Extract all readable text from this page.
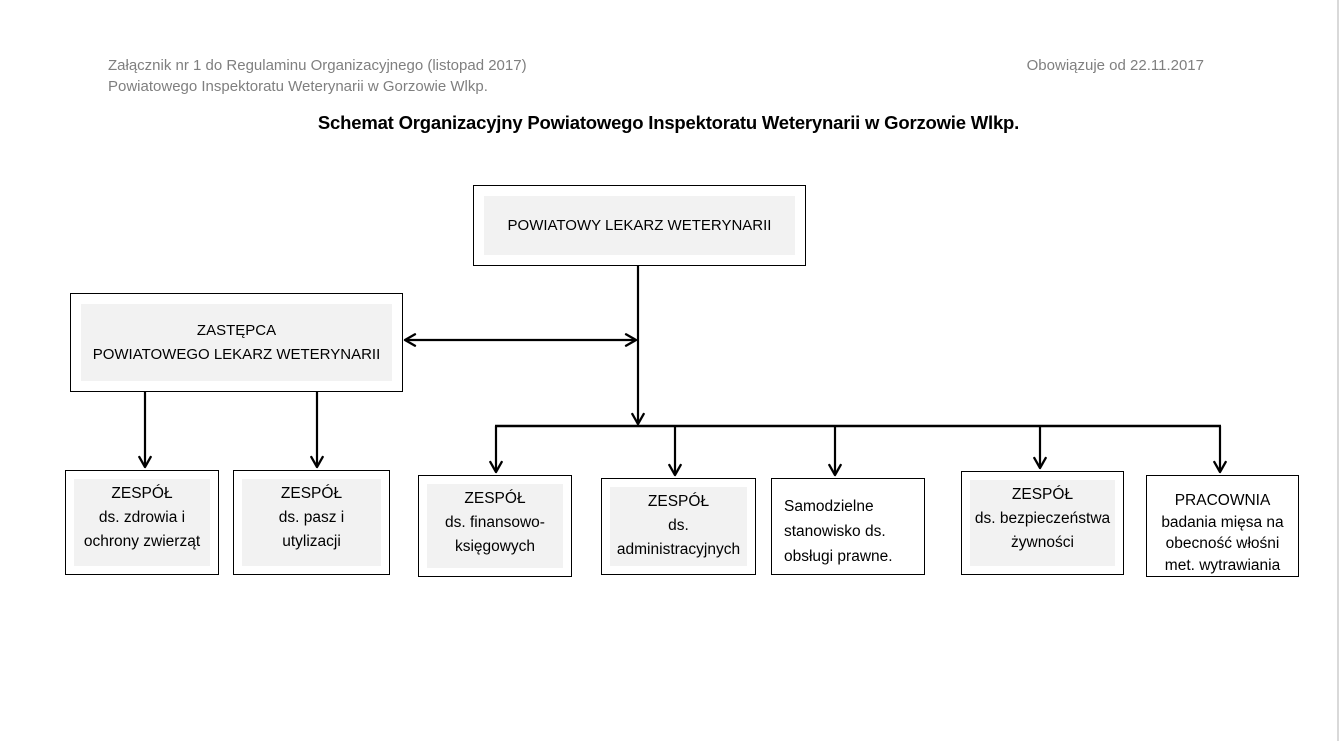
Załącznik nr 1 do Regulaminu Organizacyjnego (listopad 2017)
Powiatowego Inspektoratu Weterynarii w Gorzowie Wlkp.
Obowiązuje od 22.11.2017
Schemat Organizacyjny Powiatowego Inspektoratu Weterynarii w Gorzowie Wlkp.
POWIATOWY LEKARZ WETERYNARII
ZASTĘPCA
POWIATOWEGO LEKARZ WETERYNARII
ZESPÓŁ
ds. zdrowia i
ochrony zwierząt
ZESPÓŁ
ds. pasz i
utylizacji
ZESPÓŁ
ds. finansowo-
księgowych
ZESPÓŁ
ds.
administracyjnych
Samodzielne
stanowisko ds.
obsługi prawne.
ZESPÓŁ
ds. bezpieczeństwa
żywności
PRACOWNIA
badania mięsa na
obecność włośni
met. wytrawiania
